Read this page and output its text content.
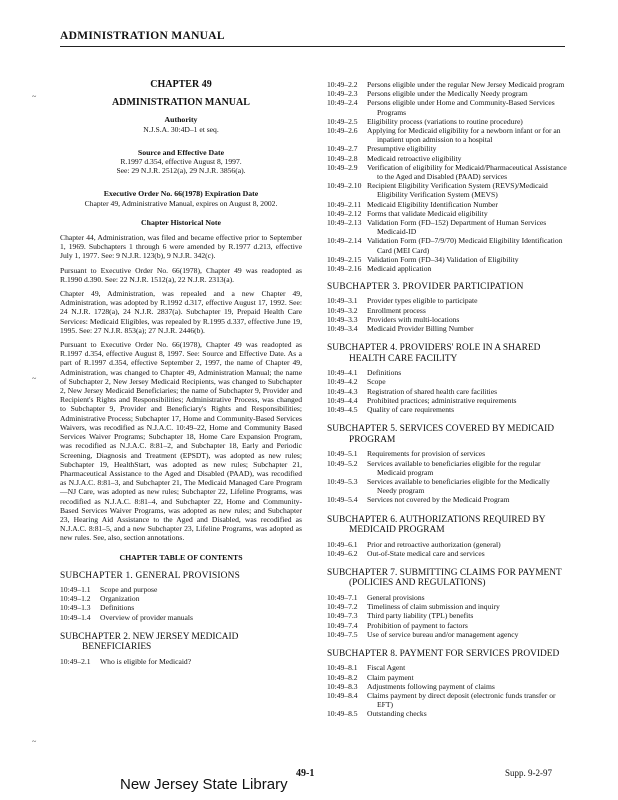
ADMINISTRATION MANUAL
~
~
~
CHAPTER 49
ADMINISTRATION MANUAL
Authority
N.J.S.A. 30:4D–1 et seq.
Source and Effective Date
R.1997 d.354, effective August 8, 1997.
See: 29 N.J.R. 2512(a), 29 N.J.R. 3856(a).
Executive Order No. 66(1978) Expiration Date
Chapter 49, Administrative Manual, expires on August 8, 2002.
Chapter Historical Note

Chapter 44, Administration, was filed and became effective prior to September 1, 1969. Subchapters 1 through 6 were amended by R.1977 d.213, effective July 1, 1977. See: 9 N.J.R. 123(b), 9 N.J.R. 342(c).

Pursuant to Executive Order No. 66(1978), Chapter 49 was readopted as R.1990 d.390. See: 22 N.J.R. 1512(a), 22 N.J.R. 2313(a).

Chapter 49, Administration, was repealed and a new Chapter 49, Administration, was adopted by R.1992 d.317, effective August 17, 1992. See: 24 N.J.R. 1728(a), 24 N.J.R. 2837(a). Subchapter 19, Prepaid Health Care Services: Medicaid Eligibles, was repealed by R.1995 d.337, effective June 19, 1995. See: 27 N.J.R. 853(a); 27 N.J.R. 2446(b).

Pursuant to Executive Order No. 66(1978), Chapter 49 was readopted as R.1997 d.354, effective August 8, 1997. See: Source and Effective Date. As a part of R.1997 d.354, effective September 2, 1997, the name of Chapter 49, Administration, was changed to Chapter 49, Administration Manual; the name of Subchapter 2, New Jersey Medicaid Recipients, was changed to Subchapter 2, New Jersey Medicaid Beneficiaries; the name of Subchapter 9, Provider and Recipient's Rights and Responsibilities; Administrative Process, was changed to Subchapter 9, Provider and Beneficiary's Rights and Responsibilities; Administrative Process; Subchapter 17, Home and Community-Based Services Waivers, was recodified as N.J.A.C. 10:49–22, Home and Community Based Services Waiver Programs; Subchapter 18, Home Care Expansion Program, was recodified as N.J.A.C. 8:81–2, and Subchapter 18, Early and Periodic Screening, Diagnosis and Treatment (EPSDT), was adopted as new rules; Subchapter 19, HealthStart, was adopted as new rules; Subchapter 21, Pharmaceutical Assistance to the Aged and Disabled (PAAD), was recodified as N.J.A.C. 8:81–3, and Subchapter 21, The Medicaid Managed Care Program—NJ Care, was adopted as new rules; Subchapter 22, Lifeline Programs, was recodified as N.J.A.C. 8:81–4, and Subchapter 22, Home and Community-Based Services Waiver Programs, was adopted as new rules; and Subchapter 23, Hearing Aid Assistance to the Aged and Disabled, was recodified as N.J.A.C. 8:81–5, and a new Subchapter 23, Lifeline Programs, was adopted as new rules. See, also, section annotations.

CHAPTER TABLE OF CONTENTS
SUBCHAPTER 1. GENERAL PROVISIONS
10:49–1.1	Scope and purpose
10:49–1.2	Organization
10:49–1.3	Definitions
10:49–1.4	Overview of provider manuals
SUBCHAPTER 2. NEW JERSEY MEDICAID BENEFICIARIES
10:49–2.1	Who is eligible for Medicaid?
10:49–2.2	Persons eligible under the regular New Jersey Medicaid program
10:49–2.3	Persons eligible under the Medically Needy program
10:49–2.4	Persons eligible under Home and Community-Based Services Programs
10:49–2.5	Eligibility process (variations to routine procedure)
10:49–2.6	Applying for Medicaid eligibility for a newborn infant or for an inpatient upon admission to a hospital
10:49–2.7	Presumptive eligibility
10:49–2.8	Medicaid retroactive eligibility
10:49–2.9	Verification of eligibility for Medicaid/Pharmaceutical Assistance to the Aged and Disabled (PAAD) services
10:49–2.10 Recipient Eligibility Verification System (REVS)/Medicaid Eligibility Verification System (MEVS)
10:49–2.11 Medicaid Eligibility Identification Number
10:49–2.12 Forms that validate Medicaid eligibility
10:49–2.13 Validation Form (FD–152) Department of Human Services Medicaid-ID
10:49–2.14 Validation Form (FD–7/9/70) Medicaid Eligibility Identification Card (MEI Card)
10:49–2.15 Validation Form (FD–34) Validation of Eligibility
10:49–2.16 Medicaid application
SUBCHAPTER 3. PROVIDER PARTICIPATION
10:49–3.1	Provider types eligible to participate
10:49–3.2	Enrollment process
10:49–3.3	Providers with multi-locations
10:49–3.4	Medicaid Provider Billing Number
SUBCHAPTER 4. PROVIDERS' ROLE IN A SHARED HEALTH CARE FACILITY
10:49–4.1	Definitions
10:49–4.2	Scope
10:49–4.3	Registration of shared health care facilities
10:49–4.4	Prohibited practices; administrative requirements
10:49–4.5	Quality of care requirements
SUBCHAPTER 5. SERVICES COVERED BY MEDICAID PROGRAM
10:49–5.1	Requirements for provision of services
10:49–5.2	Services available to beneficiaries eligible for the regular Medicaid program
10:49–5.3	Services available to beneficiaries eligible for the Medically Needy program
10:49–5.4	Services not covered by the Medicaid Program
SUBCHAPTER 6. AUTHORIZATIONS REQUIRED BY MEDICAID PROGRAM
10:49–6.1	Prior and retroactive authorization (general)
10:49–6.2	Out-of-State medical care and services
SUBCHAPTER 7. SUBMITTING CLAIMS FOR PAYMENT (POLICIES AND REGULATIONS)
10:49–7.1	General provisions
10:49–7.2	Timeliness of claim submission and inquiry
10:49–7.3	Third party liability (TPL) benefits
10:49–7.4	Prohibition of payment to factors
10:49–7.5	Use of service bureau and/or management agency
SUBCHAPTER 8. PAYMENT FOR SERVICES PROVIDED
10:49–8.1	Fiscal Agent
10:49–8.2	Claim payment
10:49–8.3	Adjustments following payment of claims
10:49–8.4	Claims payment by direct deposit (electronic funds transfer or EFT)
10:49–8.5	Outstanding checks
49-1	Supp. 9-2-97
New Jersey State Library
